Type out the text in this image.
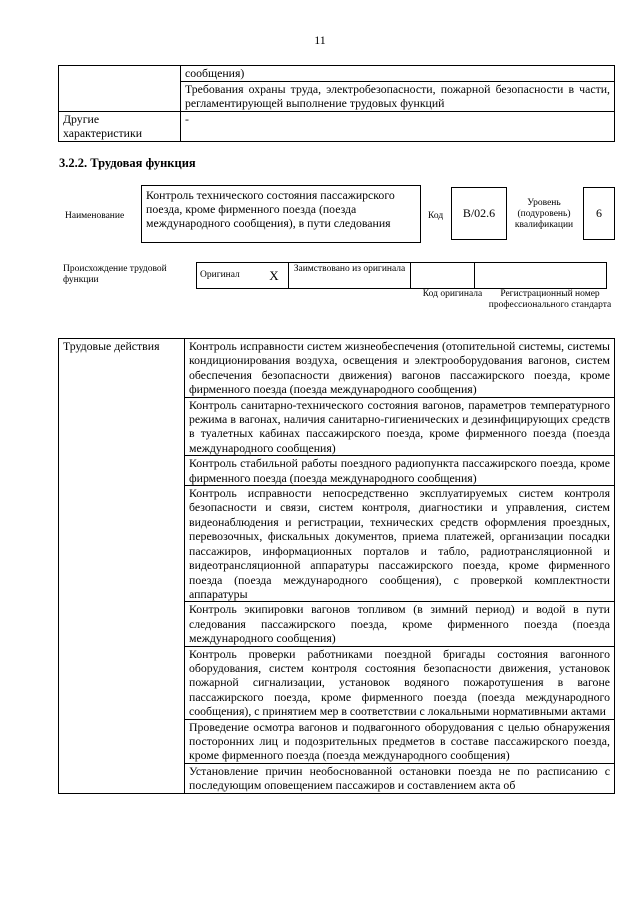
11
	сообщения)
	Требования охраны труда, электробезопасности, пожарной безопасности в части, регламентирующей выполнение трудовых функций
Другие характеристики	-
3.2.2. Трудовая функция
Наименование
Контроль технического состояния пассажирского поезда, кроме фирменного поезда (поезда международного сообщения), в пути следования	Код	B/02.6
Уровень (подуровень) квалификации
6
Происхождение трудовой функции	Оригинал	X	Заимствовано из оригинала		
Код оригинала	Регистрационный номер профессионального стандарта
Трудовые действия	Контроль исправности систем жизнеобеспечения (отопительной системы, системы кондиционирования воздуха, освещения и электрооборудования вагонов, систем обеспечения безопасности движения) вагонов пассажирского поезда, кроме фирменного поезда (поезда международного сообщения)
Контроль санитарно-технического состояния вагонов, параметров температурного режима в вагонах, наличия санитарно-гигиенических и дезинфицирующих средств в туалетных кабинах пассажирского поезда, кроме фирменного поезда (поезда международного сообщения)
Контроль стабильной работы поездного радиопункта пассажирского поезда, кроме фирменного поезда (поезда международного сообщения)
Контроль исправности непосредственно эксплуатируемых систем контроля безопасности и связи, систем контроля, диагностики и управления, систем видеонаблюдения и регистрации, технических средств оформления проездных, перевозочных, фискальных документов, приема платежей, организации посадки пассажиров, информационных порталов и табло, радиотрансляционной и видеотрансляционной аппаратуры пассажирского поезда, кроме фирменного поезда (поезда международного сообщения), с проверкой комплектности аппаратуры
Контроль экипировки вагонов топливом (в зимний период) и водой в пути следования пассажирского поезда, кроме фирменного поезда (поезда международного сообщения)
Контроль проверки работниками поездной бригады состояния вагонного оборудования, систем контроля состояния безопасности движения, установок пожарной сигнализации, установок водяного пожаротушения в вагоне пассажирского поезда, кроме фирменного поезда (поезда международного сообщения), с принятием мер в соответствии с локальными нормативными актами
Проведение осмотра вагонов и подвагонного оборудования с целью обнаружения посторонних лиц и подозрительных предметов в составе пассажирского поезда, кроме фирменного поезда (поезда международного сообщения)
Установление причин необоснованной остановки поезда не по расписанию с последующим оповещением пассажиров и составлением акта об
